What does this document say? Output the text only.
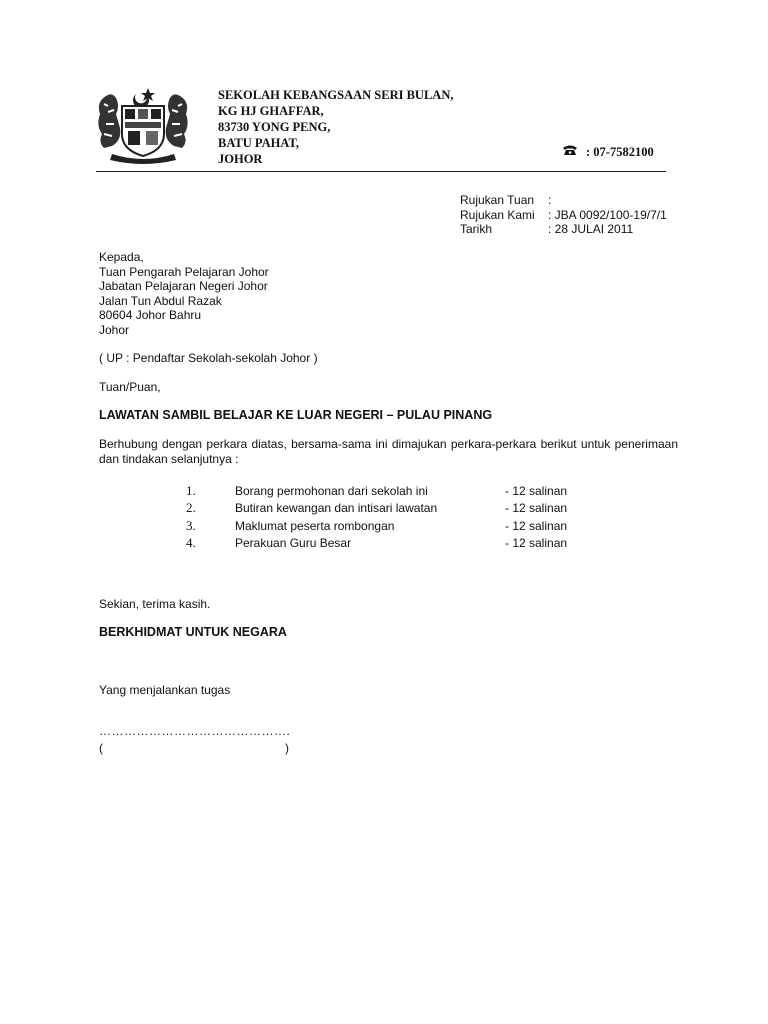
SEKOLAH KEBANGSAAN SERI BULAN,
KG HJ GHAFFAR,
83730 YONG PENG,
BATU PAHAT,
JOHOR	: 07-7582100
Rujukan Tuan	:
Rujukan Kami	: JBA 0092/100-19/7/1
Tarikh	: 28 JULAI 2011
Kepada,
Tuan Pengarah Pelajaran Johor
Jabatan Pelajaran Negeri Johor
Jalan Tun Abdul Razak
80604 Johor Bahru
Johor
( UP : Pendaftar Sekolah-sekolah Johor )
Tuan/Puan,
LAWATAN SAMBIL BELAJAR KE LUAR NEGERI – PULAU PINANG
Berhubung dengan perkara diatas, bersama-sama ini dimajukan perkara-perkara berikut untuk penerimaan dan tindakan selanjutnya :
1.	Borang permohonan dari sekolah ini	- 12 salinan
2.	Butiran kewangan dan intisari lawatan	- 12 salinan
3.	Maklumat peserta rombongan	- 12 salinan
4.	Perakuan Guru Besar	- 12 salinan
Sekian, terima kasih.
BERKHIDMAT UNTUK NEGARA
Yang menjalankan tugas
……………………………………….
(	)
